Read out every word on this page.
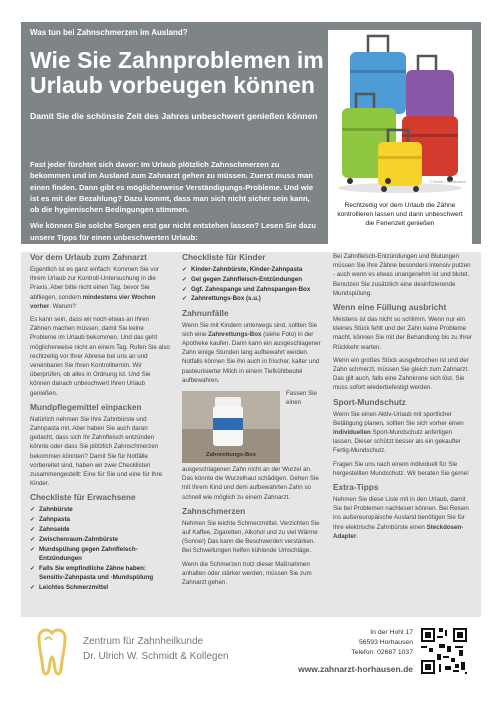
Was tun bei Zahnschmerzen im Ausland?
Wie Sie Zahnproblemen im Urlaub vorbeugen können
Damit Sie die schönste Zeit des Jahres unbeschwert genießen können

Fast jeder fürchtet sich davor: Im Urlaub plötzlich Zahnschmerzen zu bekommen und im Ausland zum Zahnarzt gehen zu müssen. Zuerst muss man einen finden. Dann gibt es möglicherweise Verständigungs-Probleme. Und wie ist es mit der Bezahlung? Dazu kommt, dass man sich nicht sicher sein kann, ob die hygienischen Bedingungen stimmen.

Wie können Sie solche Sorgen erst gar nicht entstehen lassen? Lesen Sie dazu unsere Tipps für einen unbeschwerten Urlaub:

© fotolia – Shutterstock
Rechtzeitig vor dem Urlaub die Zähne kontrollieren lassen und dann unbeschwert die Ferienzeit genießen
Vor dem Urlaub zum Zahnarzt

Eigentlich ist es ganz einfach: Kommen Sie vor Ihrem Urlaub zur Kontroll-Untersuchung in die Praxis. Aber bitte nicht einen Tag, bevor Sie abfliegen, sondern mindestens vier Wochen vorher. Warum?

Es kann sein, dass wir noch etwas an Ihren Zähnen machen müssen, damit Sie keine Probleme im Urlaub bekommen. Und das geht möglicherweise nicht an einem Tag. Rufen Sie also rechtzeitig vor Ihrer Abreise bei uns an und vereinbaren Sie Ihren Kontrolltermin. Wir überprüfen, ob alles in Ordnung ist. Und Sie können danach unbeschwert Ihren Urlaub genießen.

Mundpflegemittel einpacken

Natürlich nehmen Sie Ihre Zahnbürste und Zahnpasta mit. Aber haben Sie auch daran gedacht, dass sich Ihr Zahnfleisch entzünden könnte oder dass Sie plötzlich Zahnschmerzen bekommen könnten? Damit Sie für Notfälle vorbereitet sind, haben wir zwei Checklisten zusammengestellt: Eine für Sie und eine für Ihre Kinder.

Checkliste für Erwachsene
✓ Zahnbürste
✓ Zahnpasta
✓ Zahnseide
✓ Zwischenraum-Zahnbürste
✓ Mundspülung gegen Zahnfleisch-Entzündungen
✓ Falls Sie empfindliche Zähne haben: Sensitiv-Zahnpasta und -Mundspülung
✓ Leichtes Schmerzmittel
Checkliste für Kinder
✓ Kinder-Zahnbürste, Kinder-Zahnpasta
✓ Gel gegen Zahnfleisch-Entzündungen
✓ Ggf. Zahnspange und Zahnspangen-Box
✓ Zahnrettungs-Box (s.u.)
Zahnunfälle

Wenn Sie mit Kindern unterwegs sind, sollten Sie sich eine Zahnrettungs-Box (siehe Foto) in der Apotheke kaufen. Darin kann ein ausgeschlagener Zahn einige Stunden lang aufbewahrt werden. Notfalls können Sie ihn auch in frischer, kalter und pasteurisierter Milch in einem Tiefkühlbeutel aufbewahren.

Zahnrettungs-Box

Fassen Sie einen ausgeschlagenen Zahn nicht an der Wurzel an. Das könnte die Wurzelhaut schädigen. Gehen Sie mit Ihrem Kind und dem aufbewahrten Zahn so schnell wie möglich zu einem Zahnarzt.

Zahnschmerzen

Nehmen Sie leichte Schmerzmittel. Verzichten Sie auf Kaffee, Zigaretten, Alkohol und zu viel Wärme (Sonne!) Das kann die Beschwerden verstärken. Bei Schwellungen helfen kühlende Umschläge.

Wenn die Schmerzen trotz dieser Maßnahmen anhalten oder stärker werden, müssen Sie zum Zahnarzt gehen.

Bei Zahnfleisch-Entzündungen und Blutungen müssen Sie Ihre Zähne besonders intensiv putzen - auch wenn es etwas unangenehm ist und blutet. Benutzen Sie zusätzlich eine desinfizierende Mundspülung.

Wenn eine Füllung ausbricht

Meistens ist das nicht so schlimm. Wenn nur ein kleines Stück fehlt und der Zahn keine Probleme macht, können Sie mit der Behandlung bis zu Ihrer Rückkehr warten.

Wenn ein großes Stück ausgebrochen ist und der Zahn schmerzt, müssen Sie gleich zum Zahnarzt. Das gilt auch, falls eine Zahnkrone sich löst. Sie muss sofort wiederbefestigt werden.

Sport-Mundschutz

Wenn Sie einen Aktiv-Urlaub mit sportlicher Betätigung planen, sollten Sie sich vorher einen individuellen Sport-Mundschutz anfertigen lassen. Dieser schützt besser als ein gekaufter Fertig-Mundschutz.

Fragen Sie uns nach einem individuell für Sie hergestellten Mundschutz. Wir beraten Sie gerne!

Extra-Tipps

Nehmen Sie diese Liste mit in den Urlaub, damit Sie bei Problemen nachlesen können. Bei Reisen ins außereuropäische Ausland benötigen Sie für Ihre elektrische Zahnbürste einen Steckdosen-Adapter.

Zentrum für Zahnheilkunde
Dr. Ulrich W. Schmidt & Kollegen
In der Hohl 17
56593 Horhausen
Telefon: 02687 1037
www.zahnarzt-horhausen.de
